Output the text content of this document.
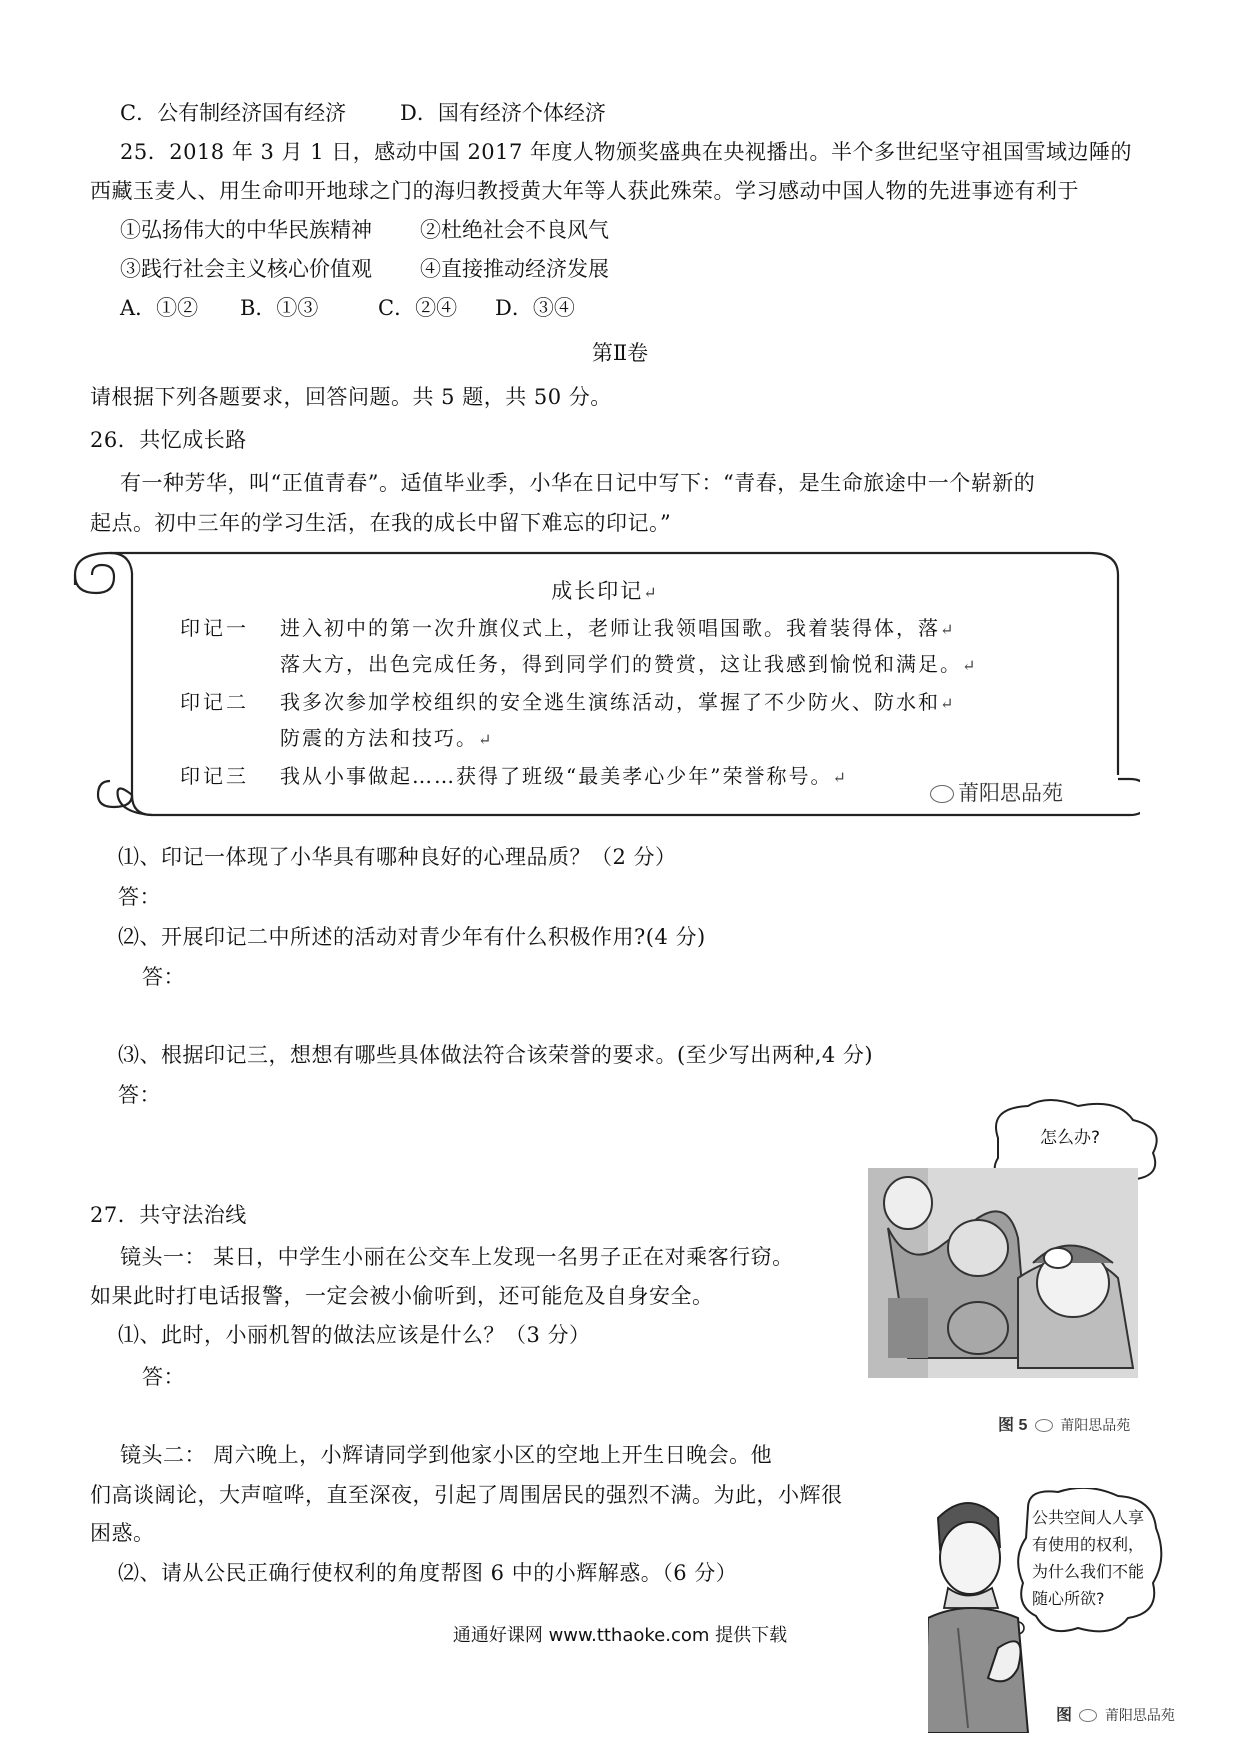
C．公有制经济国有经济	D．国有经济个体经济
25．2018 年 3 月 1 日，感动中国 2017 年度人物颁奖盛典在央视播出。半个多世纪坚守祖国雪域边陲的
西藏玉麦人、用生命叩开地球之门的海归教授黄大年等人获此殊荣。学习感动中国人物的先进事迹有利于
①弘扬伟大的中华民族精神 ②杜绝社会不良风气
③践行社会主义核心价值观 ④直接推动经济发展
A．①② B．①③	C．②④ D．③④
第Ⅱ卷
请根据下列各题要求，回答问题。共 5 题，共 50 分。
26．共忆成长路
有一种芳华，叫“正值青春”。适值毕业季，小华在日记中写下：“青春，是生命旅途中一个崭新的
起点。初中三年的学习生活，在我的成长中留下难忘的印记。”
成长印记↵
印记一 进入初中的第一次升旗仪式上，老师让我领唱国歌。我着装得体，落↵
落大方，出色完成任务，得到同学们的赞赏，这让我感到愉悦和满足。↵
印记二 我多次参加学校组织的安全逃生演练活动，掌握了不少防火、防水和↵
防震的方法和技巧。↵
印记三 我从小事做起……获得了班级“最美孝心少年”荣誉称号。↵
莆阳思品苑
⑴、印记一体现了小华具有哪种良好的心理品质？（2 分）
答：
⑵、开展印记二中所述的活动对青少年有什么积极作用?(4 分)
答：
⑶、根据印记三，想想有哪些具体做法符合该荣誉的要求。(至少写出两种,4 分)
答：
27．共守法治线
镜头一： 某日，中学生小丽在公交车上发现一名男子正在对乘客行窃。
如果此时打电话报警，一定会被小偷听到，还可能危及自身安全。
⑴、此时，小丽机智的做法应该是什么？（3 分）
答：
镜头二： 周六晚上，小辉请同学到他家小区的空地上开生日晚会。他
们高谈阔论，大声喧哗，直至深夜，引起了周围居民的强烈不满。为此，小辉很
困惑。
⑵、请从公民正确行使权利的角度帮图 6 中的小辉解惑。（6 分）
怎么办?
图 5 莆阳思品苑
公共空间人人享
有使用的权利，
为什么我们不能
随心所欲?
图 莆阳思品苑
通通好课网 www.tthaoke.com 提供下载
